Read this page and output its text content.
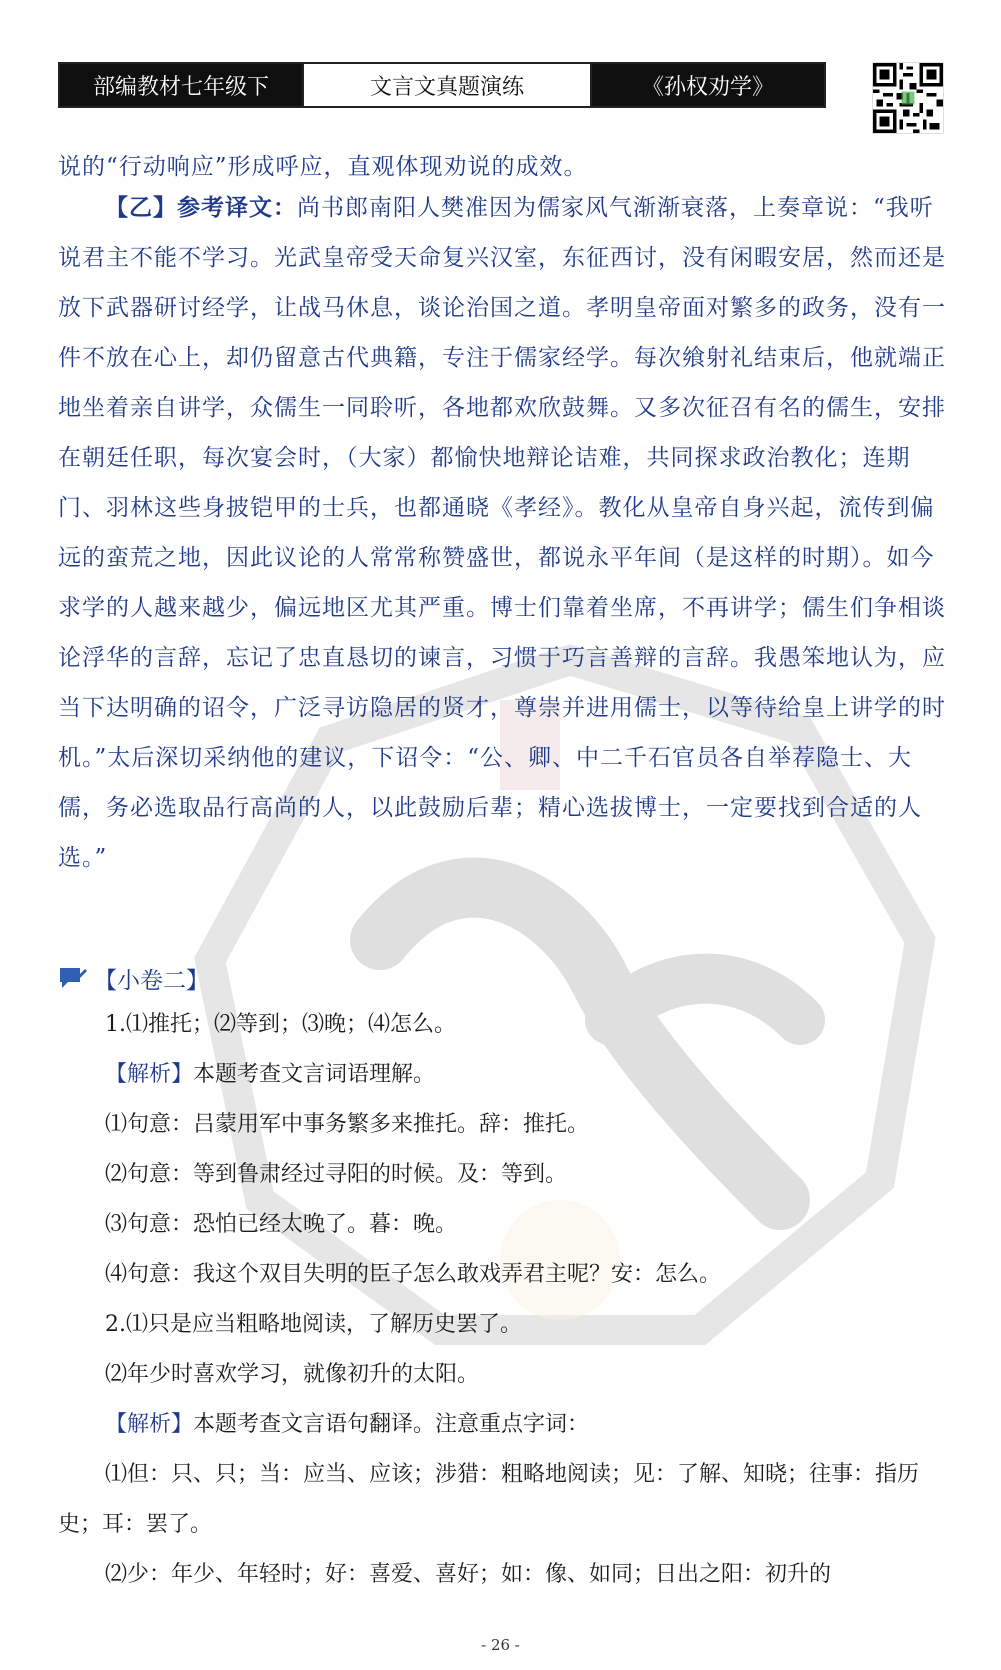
部编教材七年级下	文言文真题演练	《孙权劝学》

说的“行动响应”形成呼应，直观体现劝说的成效。

【乙】参考译文：尚书郎南阳人樊准因为儒家风气渐渐衰落，上奏章说：“我听说君主不能不学习。光武皇帝受天命复兴汉室，东征西讨，没有闲暇安居，然而还是放下武器研讨经学，让战马休息，谈论治国之道。孝明皇帝面对繁多的政务，没有一件不放在心上，却仍留意古代典籍，专注于儒家经学。每次飨射礼结束后，他就端正地坐着亲自讲学，众儒生一同聆听，各地都欢欣鼓舞。又多次征召有名的儒生，安排在朝廷任职，每次宴会时，（大家）都愉快地辩论诘难，共同探求政治教化；连期门、羽林这些身披铠甲的士兵，也都通晓《孝经》。教化从皇帝自身兴起，流传到偏远的蛮荒之地，因此议论的人常常称赞盛世，都说永平年间（是这样的时期）。如今求学的人越来越少，偏远地区尤其严重。博士们靠着坐席，不再讲学；儒生们争相谈论浮华的言辞，忘记了忠直恳切的谏言，习惯于巧言善辩的言辞。我愚笨地认为，应当下达明确的诏令，广泛寻访隐居的贤才，尊崇并进用儒士，以等待给皇上讲学的时机。”太后深切采纳他的建议，下诏令：“公、卿、中二千石官员各自举荐隐士、大儒，务必选取品行高尚的人，以此鼓励后辈；精心选拔博士，一定要找到合适的人选。”

【小卷二】

1.⑴推托；⑵等到；⑶晚；⑷怎么。

【解析】本题考查文言词语理解。

⑴句意：吕蒙用军中事务繁多来推托。辞：推托。

⑵句意：等到鲁肃经过寻阳的时候。及：等到。

⑶句意：恐怕已经太晚了。暮：晚。

⑷句意：我这个双目失明的臣子怎么敢戏弄君主呢？安：怎么。

2.⑴只是应当粗略地阅读，了解历史罢了。

⑵年少时喜欢学习，就像初升的太阳。

【解析】本题考查文言语句翻译。注意重点字词：

⑴但：只、只；当：应当、应该；涉猎：粗略地阅读；见：了解、知晓；往事：指历史；耳：罢了。

⑵少：年少、年轻时；好：喜爱、喜好；如：像、如同；日出之阳：初升的

- 26 -
